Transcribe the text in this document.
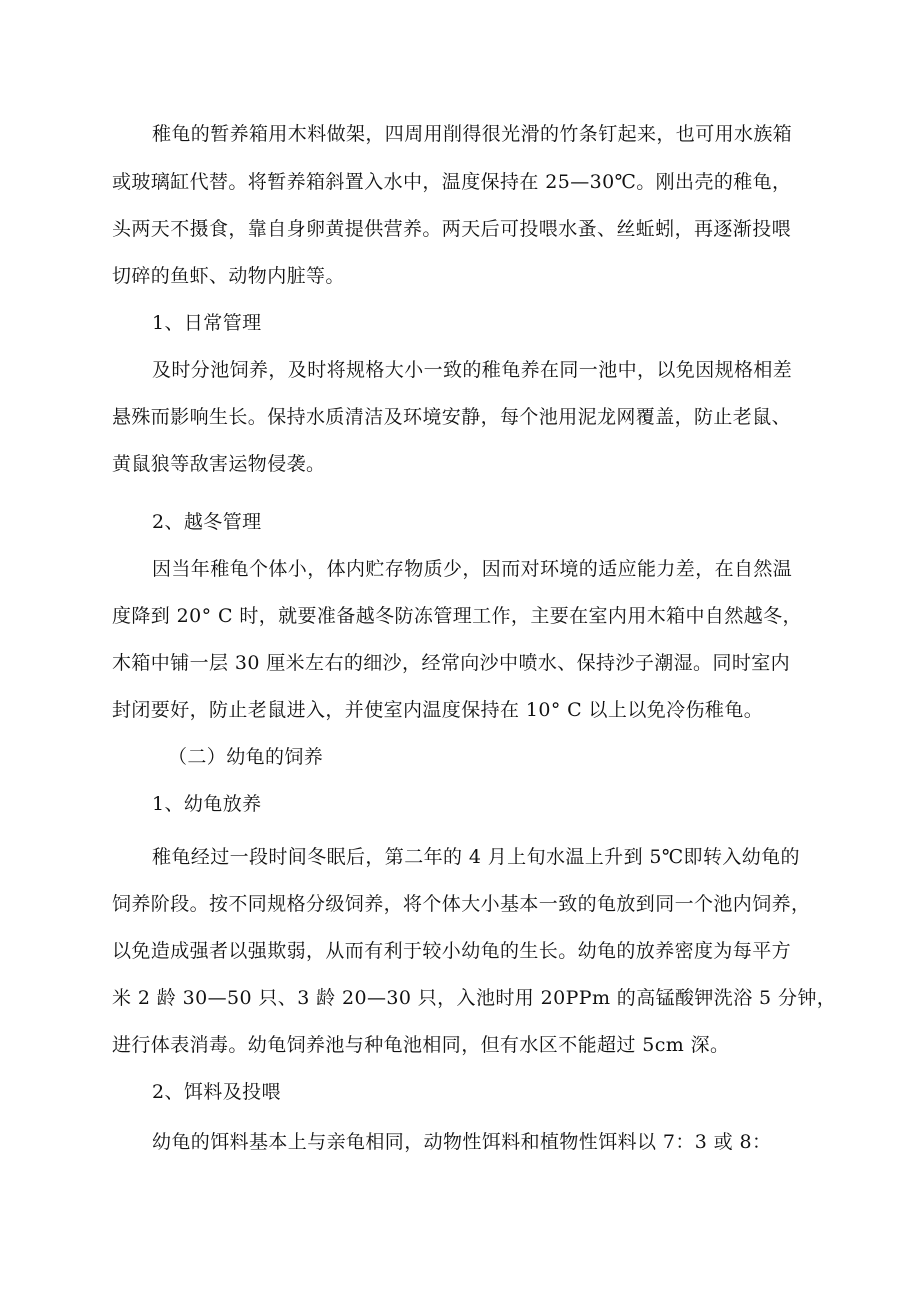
稚龟的暂养箱用木料做架，四周用削得很光滑的竹条钉起来，也可用水族箱
或玻璃缸代替。将暂养箱斜置入水中，温度保持在 25—30℃。刚出壳的稚龟，
头两天不摄食，靠自身卵黄提供营养。两天后可投喂水蚤、丝蚯蚓，再逐渐投喂
切碎的鱼虾、动物内脏等。
1、日常管理
及时分池饲养，及时将规格大小一致的稚龟养在同一池中，以免因规格相差
悬殊而影响生长。保持水质清洁及环境安静，每个池用泥龙网覆盖，防止老鼠、
黄鼠狼等敌害运物侵袭。
2、越冬管理
因当年稚龟个体小，体内贮存物质少，因而对环境的适应能力差，在自然温
度降到 20° C 时，就要准备越冬防冻管理工作，主要在室内用木箱中自然越冬，
木箱中铺一层 30 厘米左右的细沙，经常向沙中喷水、保持沙子潮湿。同时室内
封闭要好，防止老鼠进入，并使室内温度保持在 10° C 以上以免冷伤稚龟。
（二）幼龟的饲养
1、幼龟放养
稚龟经过一段时间冬眠后，第二年的 4 月上旬水温上升到 5℃即转入幼龟的
饲养阶段。按不同规格分级饲养，将个体大小基本一致的龟放到同一个池内饲养，
以免造成强者以强欺弱，从而有利于较小幼龟的生长。幼龟的放养密度为每平方
米 2 龄 30—50 只、3 龄 20—30 只，入池时用 20PPm 的高锰酸钾洗浴 5 分钟，
进行体表消毒。幼龟饲养池与种龟池相同，但有水区不能超过 5cm 深。
2、饵料及投喂
幼龟的饵料基本上与亲龟相同，动物性饵料和植物性饵料以 7：3 或 8：
